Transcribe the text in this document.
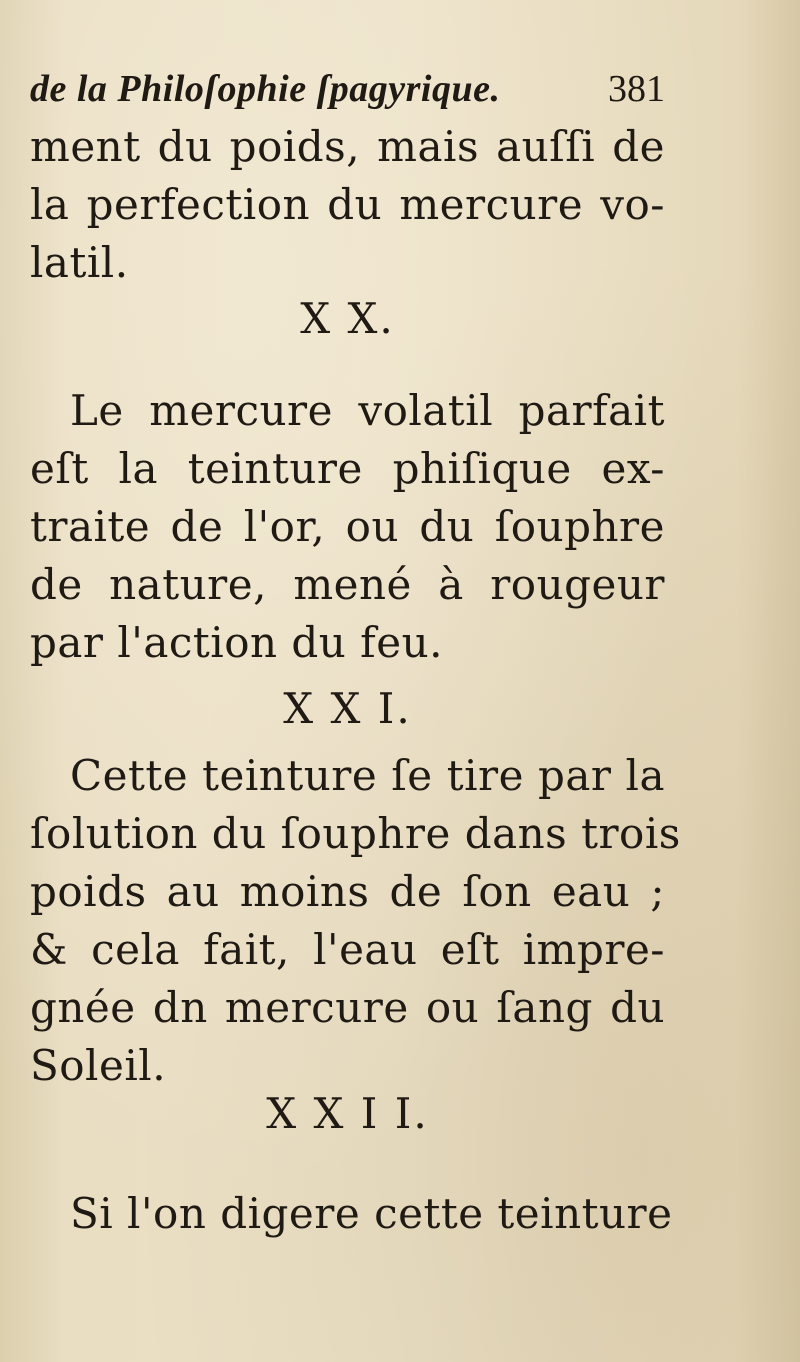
de la Philoſophie ſpagyrique.	381
ment du poids, mais auſſi de
la perfection du mercure vo-
latil.
X X.
Le mercure volatil parfait
eſt la teinture phiſique ex-
traite de l'or, ou du ſouphre
de nature, mené à rougeur
par l'action du feu.
X X I.
Cette teinture ſe tire par la
ſolution du ſouphre dans trois
poids au moins de ſon eau ;
& cela fait, l'eau eſt impre-
gnée dn mercure ou ſang du
Soleil.
X X I I.
Si l'on digere cette teinture
